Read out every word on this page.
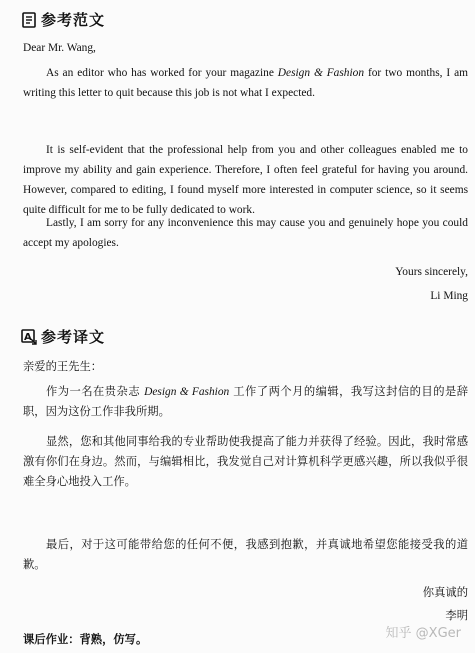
参考范文
Dear Mr. Wang,
As an editor who has worked for your magazine Design & Fashion for two months, I am writing this letter to quit because this job is not what I expected.
It is self-evident that the professional help from you and other colleagues enabled me to improve my ability and gain experience. Therefore, I often feel grateful for having you around. However, compared to editing, I found myself more interested in computer science, so it seems quite difficult for me to be fully dedicated to work.
Lastly, I am sorry for any inconvenience this may cause you and genuinely hope you could accept my apologies.
Yours sincerely,
Li Ming
A 参考译文
亲爱的王先生：
作为一名在贵杂志 Design & Fashion 工作了两个月的编辑，我写这封信的目的是辞职，因为这份工作非我所期。
显然，您和其他同事给我的专业帮助使我提高了能力并获得了经验。因此，我时常感激有你们在身边。然而，与编辑相比，我发觉自己对计算机科学更感兴趣，所以我似乎很难全身心地投入工作。
最后，对于这可能带给您的任何不便，我感到抱歉，并真诚地希望您能接受我的道歉。
你真诚的
李明
课后作业：背熟，仿写。	知乎 @XGer
